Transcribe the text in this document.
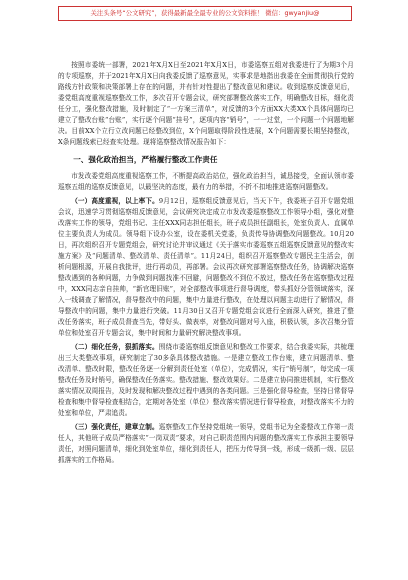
关注头条号“公文研究”，获得最新最全最专业的公文资料推！ 微信：gwyanjiu@

按照市委统一部署，2021年X月X日至2021年X月X日，市委巡察五组对我委进行了为期3个月的专项巡察，并于2021年X月X日向我委反馈了巡察意见，实事求是地指出我委在全面贯彻执行党的路线方针政策和决策部署上存在的问题，并有针对性提出了整改意见和建议。收到巡察反馈意见后，委党组高度重视巡察整改工作，多次召开专题会议，研究部署整改落实工作，明确整改目标，细化责任分工，强化整改措施，及时制定了“一方案三清单”，对反馈的3个方面XX大类XX个具体问题均已建立了整改台账“台账”，实行逐个问题“挂号”，逐项内容“销号”，一一过堂，一个问题一个问题地解决。目前XX个立行立改问题已经整改到位，X个问题取得阶段性进展，X个问题需要长期坚持整改，X条问题线索已经查实处理。现将巡察整改情况报告如下：

一、强化政治担当，严格履行整改工作责任

市发改委党组高度重视巡察工作，不断提高政治站位，强化政治担当，诚恳接受，全面认领市委巡察五组的巡察反馈意见，以最坚决的态度，最有力的举措，不折不扣地推进巡察问题整改。

（一）高度重视，以上率下。9月12日，巡察组反馈意见后，当天下午，我委班子召开专题党组会议，迅速学习贯彻巡察组反馈意见，会议研究决定成立市发改委巡察整改工作领导小组，强化对整改落实工作的领导，党组书记、主任XXX同志担任组长，班子成员担任副组长，处室负责人、直属单位主要负责人为成员。领导组下设办公室，设在委机关党委，负责传导协调整改问题整改。10月20日，再次组织召开专题党组会，研究讨论并审议通过《关于落实市委巡察五组巡察反馈意见的整改实施方案》及“问题清单、整改清单、责任清单”。11月24日，组织召开巡察整改专题民主生活会，剖析问题根源，开展自我批评，进行再动员，再部署。会议再次研究部署巡察整改任务，协调解决巡察整改遇到的各种问题，力争做到问题找准不回避，问题整改不到位不放过，整改任务在巡察整改过程中，XXX同志亲自挂帅，“新官理旧账”，对全部整改事项进行督导调度，带头抓好分管领域落实，深入一线调查了解情况，督导整改中的问题，集中力量进行整改，在处理以问题主动进行了解情况，督导整改中的问题，集中力量进行突破。11月30日又召开专题党组会议进行全面深入研究，推进了整改任务落实，班子成员督查当先，带好头、做表率，对整改问题对号入座，积极认领，多次召集分管单位和处室召开专题会议，集中时间和力量研究解决整改事项。

（二）细化任务，狠抓落实。围绕市委巡察组反馈意见和整改工作要求，结合我委实际，共梳理出三大类整改事项，研究制定了30多条具体整改措施。一是建立整改工作台账，建立问题清单、整改清单、整改时限，整改任务逐一分解到责任处室（单位），完成情况，实行“销号制”，每完成一项整改任务及时销号，确保整改任务落实。整改措施、整改效果好。二是建立协同推进机制，实行整改落实情况双周报告，及时发现和解决整改过程中遇到的各类问题。三是强化督导检查，坚持日常督导检查和集中督导检查相结合，定期对各处室（单位）整改落实情况进行督导检查，对整改落实不力的处室和单位，严肃追责。

（三）强化责任，建章立制。巡察整改工作坚持党组统一领导，党组书记为全委整改工作第一责任人，其他班子成员严格落实“一岗双责”要求，对自己职责范围内问题的整改落实工作承担主要领导责任，对照问题清单，细化到处室单位，细化到责任人，把压力传导到一线，形成一级抓一级、层层抓落实的工作格局。
